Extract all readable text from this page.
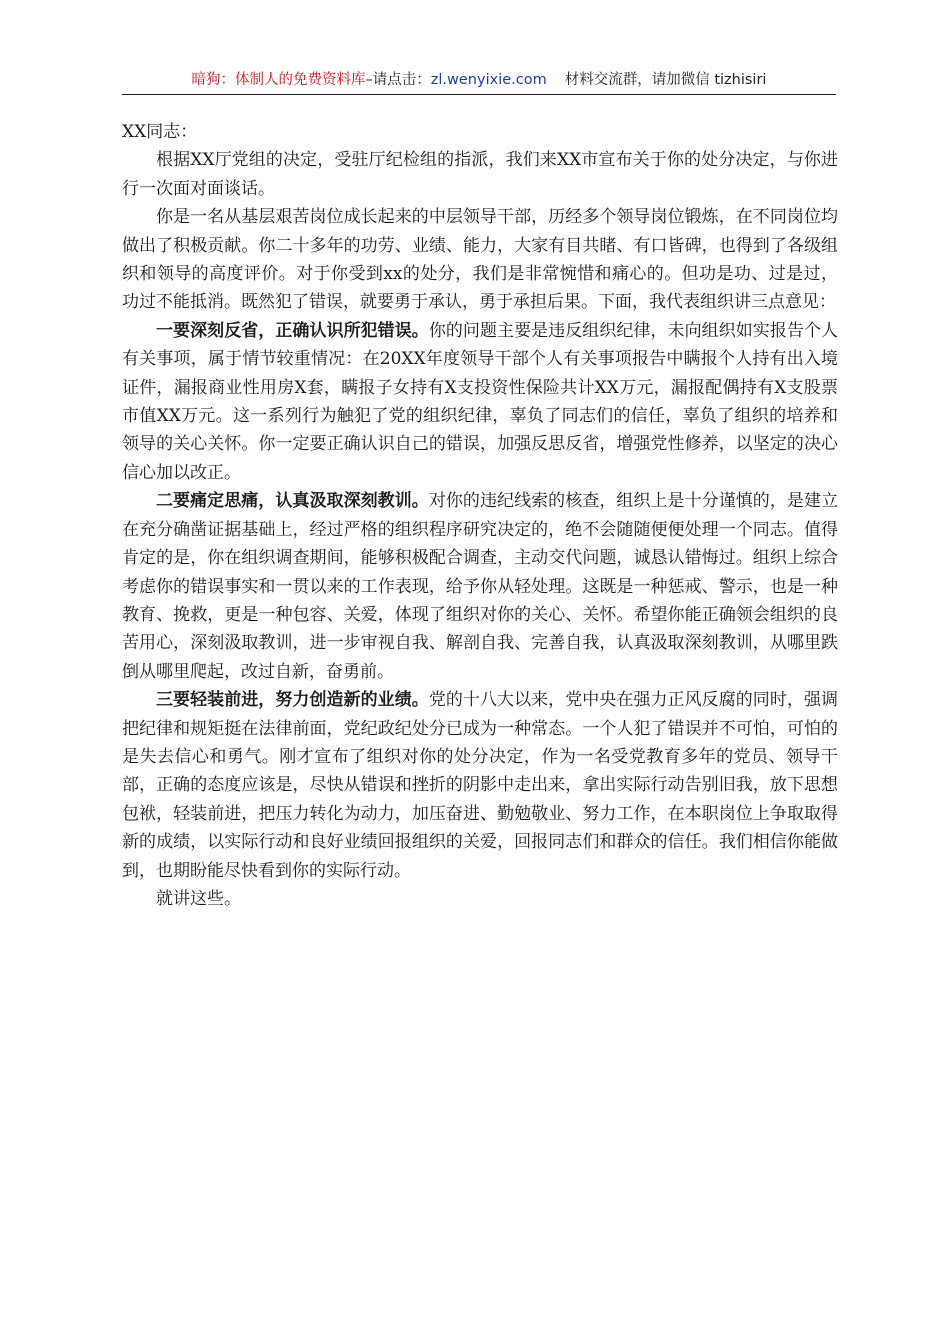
暗狗：体制人的免费资料库–请点击：zl.wenyixie.com 材料交流群，请加微信 tizhisiri

XX同志：

根据XX厅党组的决定，受驻厅纪检组的指派，我们来XX市宣布关于你的处分决定，与你进行一次面对面谈话。

你是一名从基层艰苦岗位成长起来的中层领导干部，历经多个领导岗位锻炼，在不同岗位均做出了积极贡献。你二十多年的功劳、业绩、能力，大家有目共睹、有口皆碑，也得到了各级组织和领导的高度评价。对于你受到xx的处分，我们是非常惋惜和痛心的。但功是功、过是过，功过不能抵消。既然犯了错误，就要勇于承认，勇于承担后果。下面，我代表组织讲三点意见：

一要深刻反省，正确认识所犯错误。你的问题主要是违反组织纪律，未向组织如实报告个人有关事项，属于情节较重情况：在20XX年度领导干部个人有关事项报告中瞒报个人持有出入境证件，漏报商业性用房X套，瞒报子女持有X支投资性保险共计XX万元，漏报配偶持有X支股票市值XX万元。这一系列行为触犯了党的组织纪律，辜负了同志们的信任，辜负了组织的培养和领导的关心关怀。你一定要正确认识自己的错误，加强反思反省，增强党性修养，以坚定的决心信心加以改正。

二要痛定思痛，认真汲取深刻教训。对你的违纪线索的核查，组织上是十分谨慎的，是建立在充分确凿证据基础上，经过严格的组织程序研究决定的，绝不会随随便便处理一个同志。值得肯定的是，你在组织调查期间，能够积极配合调查，主动交代问题，诚恳认错悔过。组织上综合考虑你的错误事实和一贯以来的工作表现，给予你从轻处理。这既是一种惩戒、警示，也是一种教育、挽救，更是一种包容、关爱，体现了组织对你的关心、关怀。希望你能正确领会组织的良苦用心，深刻汲取教训，进一步审视自我、解剖自我、完善自我，认真汲取深刻教训，从哪里跌倒从哪里爬起，改过自新，奋勇前。

三要轻装前进，努力创造新的业绩。党的十八大以来，党中央在强力正风反腐的同时，强调把纪律和规矩挺在法律前面，党纪政纪处分已成为一种常态。一个人犯了错误并不可怕，可怕的是失去信心和勇气。刚才宣布了组织对你的处分决定，作为一名受党教育多年的党员、领导干部，正确的态度应该是，尽快从错误和挫折的阴影中走出来，拿出实际行动告别旧我，放下思想包袱，轻装前进，把压力转化为动力，加压奋进、勤勉敬业、努力工作，在本职岗位上争取取得新的成绩，以实际行动和良好业绩回报组织的关爱，回报同志们和群众的信任。我们相信你能做到，也期盼能尽快看到你的实际行动。

就讲这些。
